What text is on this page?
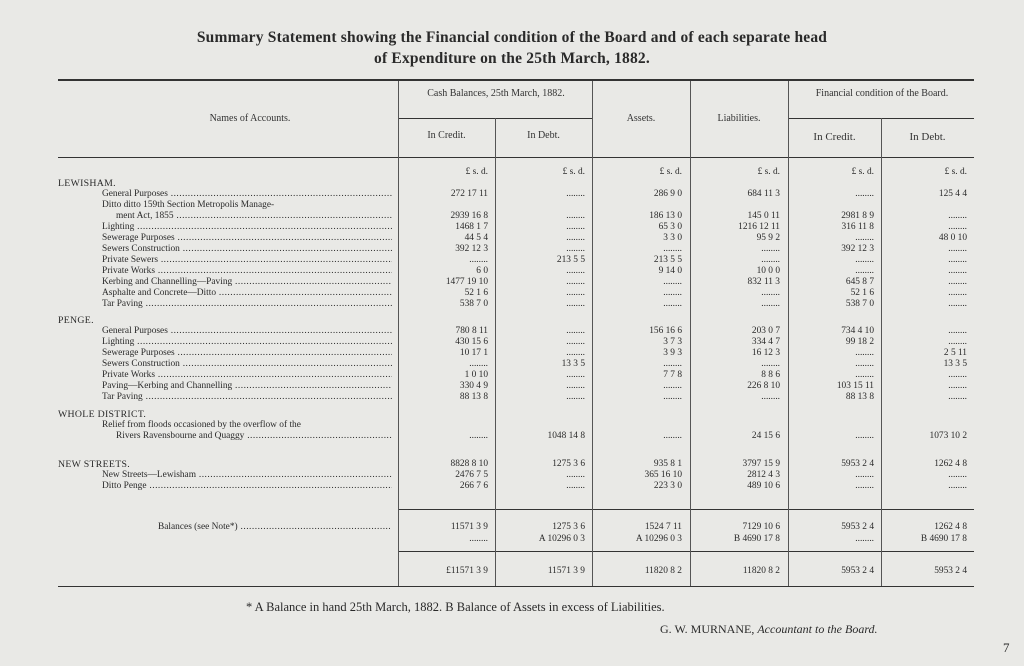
Summary Statement showing the Financial condition of the Board and of each separate head
of Expenditure on the 25th March, 1882.
Names of Accounts.
Cash Balances, 25th March, 1882.
In Credit.	In Debt.
Assets.	Liabilities.
Financial condition of the Board.
In Credit.	In Debt.
£ s. d.	£ s. d.	£ s. d.	£ s. d.	£ s. d.	£ s. d.
LEWISHAM.
General Purposes .....	272 17 11	........	286 9 0	684 11 3	........	125 4 4
Ditto ditto 159th Section Metropolis Manage-
ment Act, 1855 .....	2939 16 8	........	186 13 0	145 0 11	2981 8 9	........
Lighting .....	1468 1 7	........	65 3 0	1216 12 11	316 11 8	........
Sewerage Purposes .....	44 5 4	........	3 3 0	95 9 2	........	48 0 10
Sewers Construction .....	392 12 3	........	........	........	392 12 3	........
Private Sewers .....	........	213 5 5	213 5 5	........	........	........
Private Works .....	6 0	........	9 14 0	10 0 0	........	........
Kerbing and Channelling—Paving .....	1477 19 10	........	........	832 11 3	645 8 7	........
Asphalte and Concrete—Ditto .....	52 1 6	........	........	........	52 1 6	........
Tar Paving .....	538 7 0	........	........	........	538 7 0	........
PENGE.
General Purposes .....	780 8 11	........	156 16 6	203 0 7	734 4 10	........
Lighting .....	430 15 6	........	3 7 3	334 4 7	99 18 2	........
Sewerage Purposes .....	10 17 1	........	3 9 3	16 12 3	........	2 5 11
Sewers Construction .....	........	13 3 5	........	........	........	13 3 5
Private Works .....	1 0 10	........	7 7 8	8 8 6	........	........
Paving—Kerbing and Channelling .....	330 4 9	........	........	226 8 10	103 15 11	........
Tar Paving .....	88 13 8	........	........	........	88 13 8	........
WHOLE DISTRICT.
Relief from floods occasioned by the overflow of the
Rivers Ravensbourne and Quaggy .....	........	1048 14 8	........	24 15 6	........	1073 10 2
NEW STREETS.	8828 8 10	1275 3 6	935 8 1	3797 15 9	5953 2 4	1262 4 8
New Streets—Lewisham .....	2476 7 5	........	365 16 10	2812 4 3	........	........
Ditto Penge .....	266 7 6	........	223 3 0	489 10 6	........	........
Balances (see Note*) .....	11571 3 9	1275 3 6	1524 7 11	7129 10 6	5953 2 4	1262 4 8
........	A 10296 0 3	A 10296 0 3	B 4690 17 8	........	B 4690 17 8
£11571 3 9	11571 3 9	11820 8 2	11820 8 2	5953 2 4	5953 2 4
* A Balance in hand 25th March, 1882. B Balance of Assets in excess of Liabilities.
G. W. MURNANE, Accountant to the Board.
7
